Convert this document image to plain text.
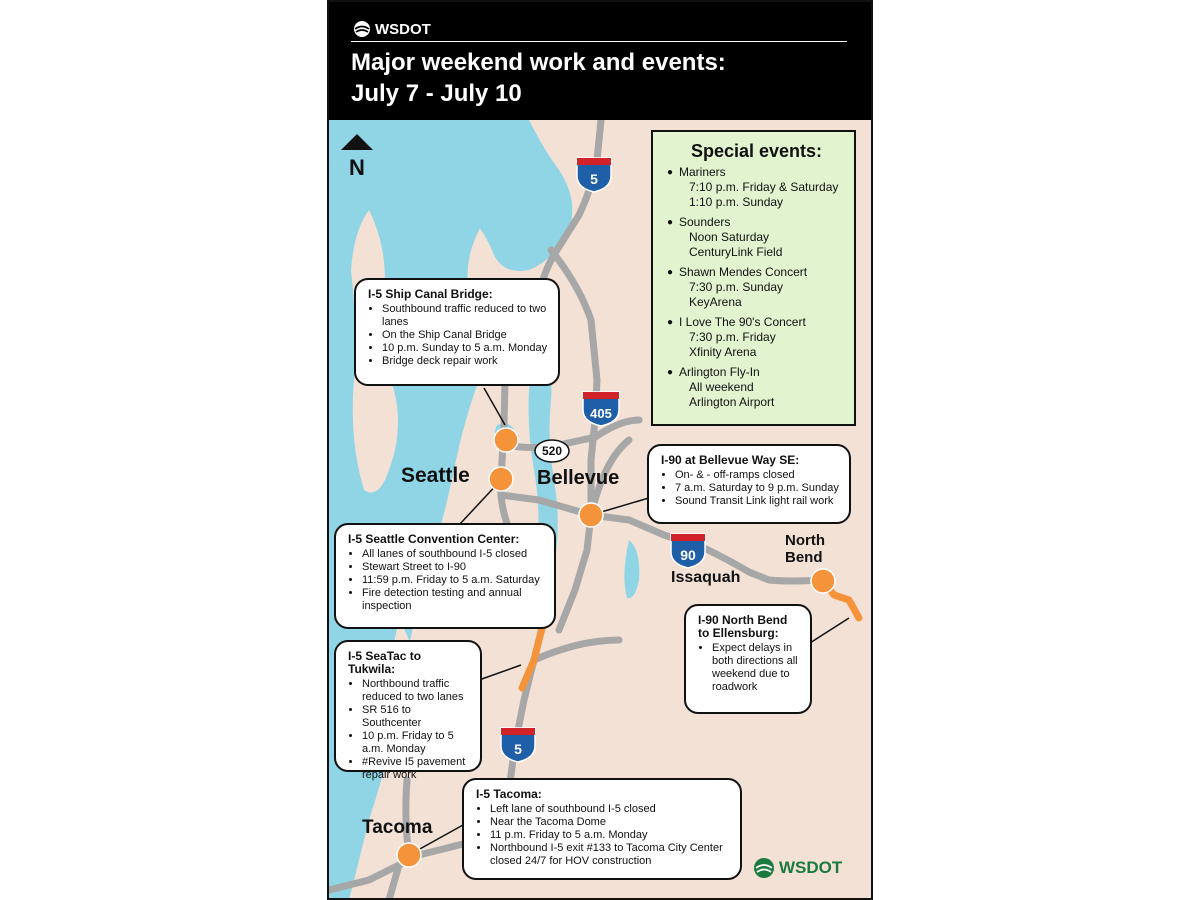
WSDOT
Major weekend work and events:
July 7 - July 10
N	5
405
520
90
5
Seattle	Bellevue
North
Bend
Issaquah
Tacoma
Special events:
● Mariners
7:10 p.m. Friday & Saturday
1:10 p.m. Sunday
● Sounders
Noon Saturday
CenturyLink Field
● Shawn Mendes Concert
7:30 p.m. Sunday
KeyArena
● I Love The 90's Concert
7:30 p.m. Friday
Xfinity Arena
● Arlington Fly-In
All weekend
Arlington Airport
I-5 Ship Canal Bridge:
• Southbound traffic reduced to two lanes
• On the Ship Canal Bridge
• 10 p.m. Sunday to 5 a.m. Monday
• Bridge deck repair work
I-90 at Bellevue Way SE:
• On- & - off-ramps closed
• 7 a.m. Saturday to 9 p.m. Sunday
• Sound Transit Link light rail work
I-5 Seattle Convention Center:
• All lanes of southbound I-5 closed
• Stewart Street to I-90
• 11:59 p.m. Friday to 5 a.m. Saturday
• Fire detection testing and annual inspection
I-90 North Bend to Ellensburg:
• Expect delays in both directions all weekend due to roadwork
I-5 SeaTac to Tukwila:
• Northbound traffic reduced to two lanes
• SR 516 to Southcenter
• 10 p.m. Friday to 5 a.m. Monday
• #Revive I5 pavement repair work
I-5 Tacoma:
• Left lane of southbound I-5 closed
• Near the Tacoma Dome
• 11 p.m. Friday to 5 a.m. Monday
• Northbound I-5 exit #133 to Tacoma City Center closed 24/7 for HOV construction	WSDOT
